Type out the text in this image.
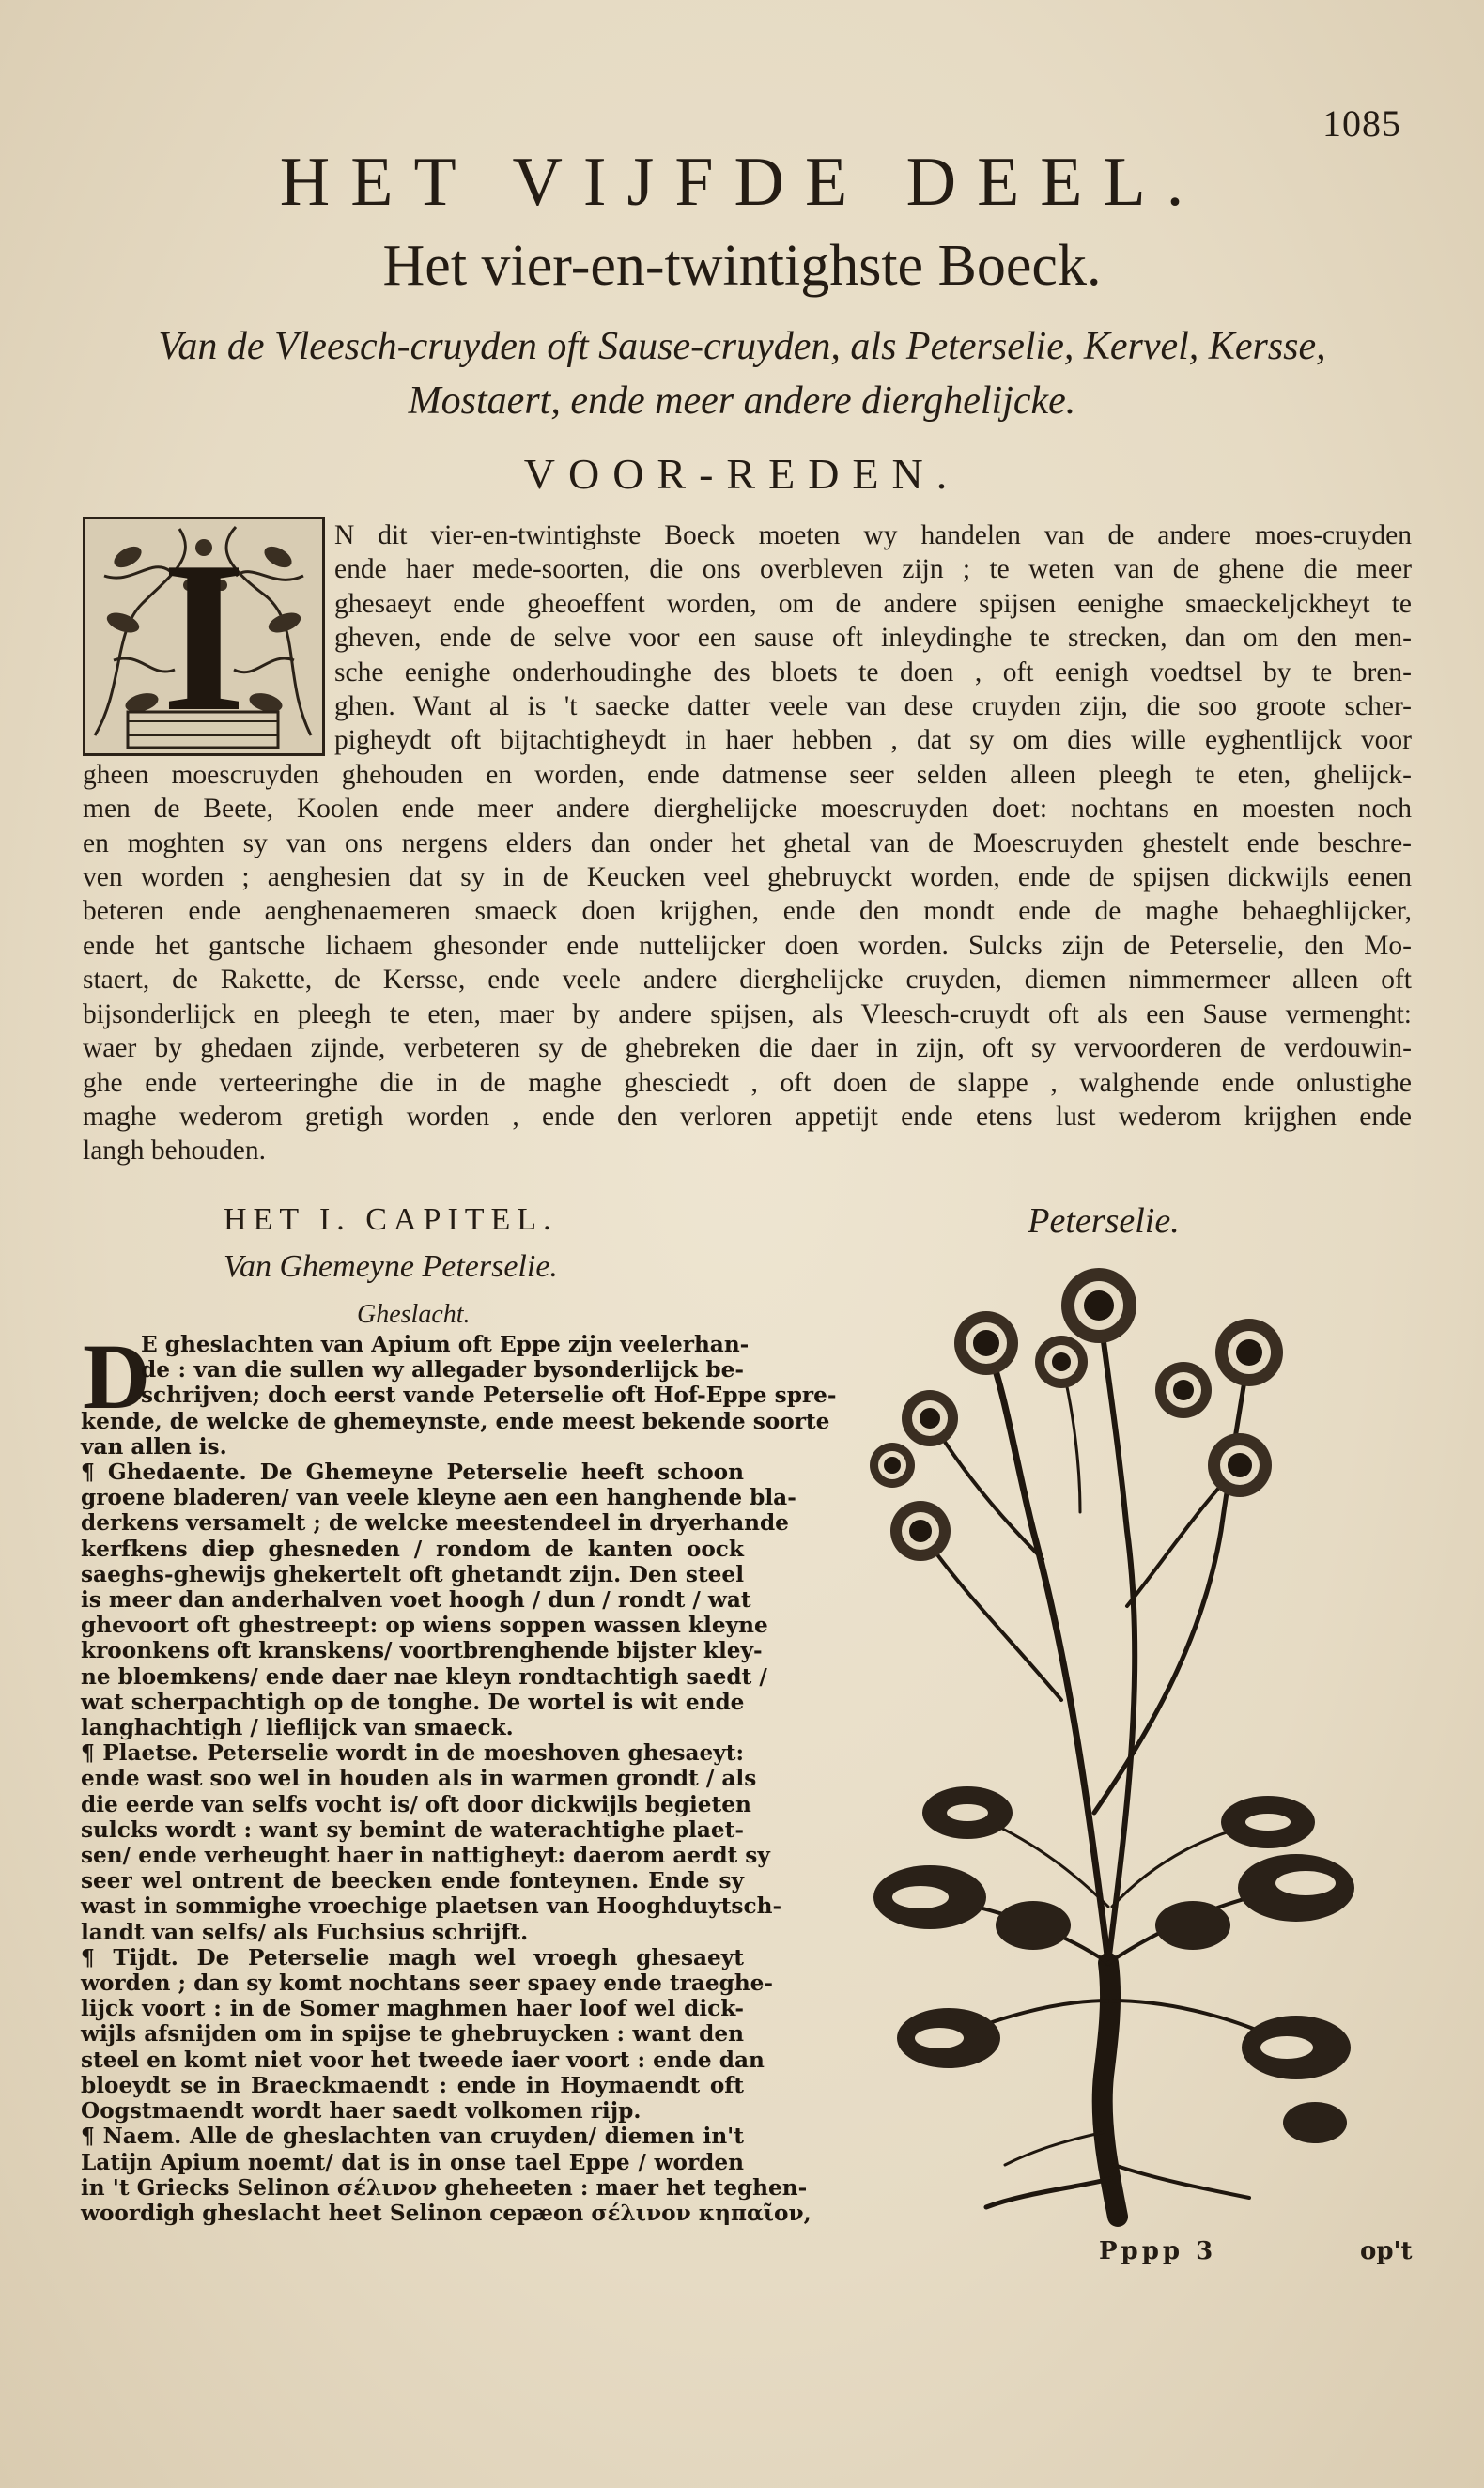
1085
HET VIJFDE DEEL.
Het vier-en-twintighste Boeck.

Van de Vleesch-cruyden oft Sause-cruyden, als Peterselie, Kervel, Kersse,
Mostaert, ende meer andere dierghelijcke.

VOOR-REDEN.
I	N dit vier-en-twintighste Boeck moeten wy handelen van de andere moes-cruyden
ende haer mede-soorten, die ons overbleven zijn ; te weten van de ghene die meer
ghesaeyt ende gheoeffent worden, om de andere spijsen eenighe smaeckeljckheyt te
gheven, ende de selve voor een sause oft inleydinghe te strecken, dan om den men-
sche eenighe onderhoudinghe des bloets te doen , oft eenigh voedtsel by te bren-
ghen. Want al is 't saecke datter veele van dese cruyden zijn, die soo groote scher-
pigheydt oft bijtachtigheydt in haer hebben , dat sy om dies wille eyghentlijck voor
gheen moescruyden ghehouden en worden, ende datmense seer selden alleen pleegh te eten, ghelijck-
men de Beete, Koolen ende meer andere dierghelijcke moescruyden doet: nochtans en moesten noch
en moghten sy van ons nergens elders dan onder het ghetal van de Moescruyden ghestelt ende beschre-
ven worden ; aenghesien dat sy in de Keucken veel ghebruyckt worden, ende de spijsen dickwijls eenen
beteren ende aenghenaemeren smaeck doen krijghen, ende den mondt ende de maghe behaeghlijcker,
ende het gantsche lichaem ghesonder ende nuttelijcker doen worden. Sulcks zijn de Peterselie, den Mo-
staert, de Rakette, de Kersse, ende veele andere dierghelijcke cruyden, diemen nimmermeer alleen oft
bijsonderlijck en pleegh te eten, maer by andere spijsen, als Vleesch-cruydt oft als een Sause vermenght:
waer by ghedaen zijnde, verbeteren sy de ghebreken die daer in zijn, oft sy vervoorderen de verdouwin-
ghe ende verteeringhe die in de maghe ghesciedt , oft doen de slappe , walghende ende onlustighe
maghe wederom gretigh worden , ende den verloren appetijt ende etens lust wederom krijghen ende
langh behouden.
HET I. CAPITEL.

Van Ghemeyne Peterselie.

Gheslacht.
D
E gheslachten van Apium oft Eppe zijn veelerhan-
de : van die sullen wy allegader bysonderlijck be-
schrijven; doch eerst vande Peterselie oft Hof-Eppe spre-
kende, de welcke de ghemeynste, ende meest bekende soorte
van allen is.
¶ Ghedaente. De Ghemeyne Peterselie heeft schoon
groene bladeren/ van veele kleyne aen een hanghende bla-
derkens versamelt ; de welcke meestendeel in dryerhande
kerfkens diep ghesneden / rondom de kanten oock
saeghs-ghewijs ghekertelt oft ghetandt zijn. Den steel
is meer dan anderhalven voet hoogh / dun / rondt / wat
ghevoort oft ghestreept: op wiens soppen wassen kleyne
kroonkens oft kranskens/ voortbrenghende bijster kley-
ne bloemkens/ ende daer nae kleyn rondtachtigh saedt /
wat scherpachtigh op de tonghe. De wortel is wit ende
langhachtigh / lieflijck van smaeck.
¶ Plaetse. Peterselie wordt in de moeshoven ghesaeyt:
ende wast soo wel in houden als in warmen grondt / als
die eerde van selfs vocht is/ oft door dickwijls begieten
sulcks wordt : want sy bemint de waterachtighe plaet-
sen/ ende verheught haer in nattigheyt: daerom aerdt sy
seer wel ontrent de beecken ende fonteynen. Ende sy
wast in sommighe vroechige plaetsen van Hooghduytsch-
landt van selfs/ als Fuchsius schrijft.
¶ Tijdt. De Peterselie magh wel vroegh ghesaeyt
worden ; dan sy komt nochtans seer spaey ende traeghe-
lijck voort : in de Somer maghmen haer loof wel dick-
wijls afsnijden om in spijse te ghebruycken : want den
steel en komt niet voor het tweede iaer voort : ende dan
bloeydt se in Braeckmaendt : ende in Hoymaendt oft
Oogstmaendt wordt haer saedt volkomen rijp.
¶ Naem. Alle de gheslachten van cruyden/ diemen in't
Latijn Apium noemt/ dat is in onse tael Eppe / worden
in 't Griecks Selinon σέλινον gheheeten : maer het teghen-
woordigh gheslacht heet Selinon cepæon σέλινον κηπαῖον,

Peterselie.

Pppp 3	op't
